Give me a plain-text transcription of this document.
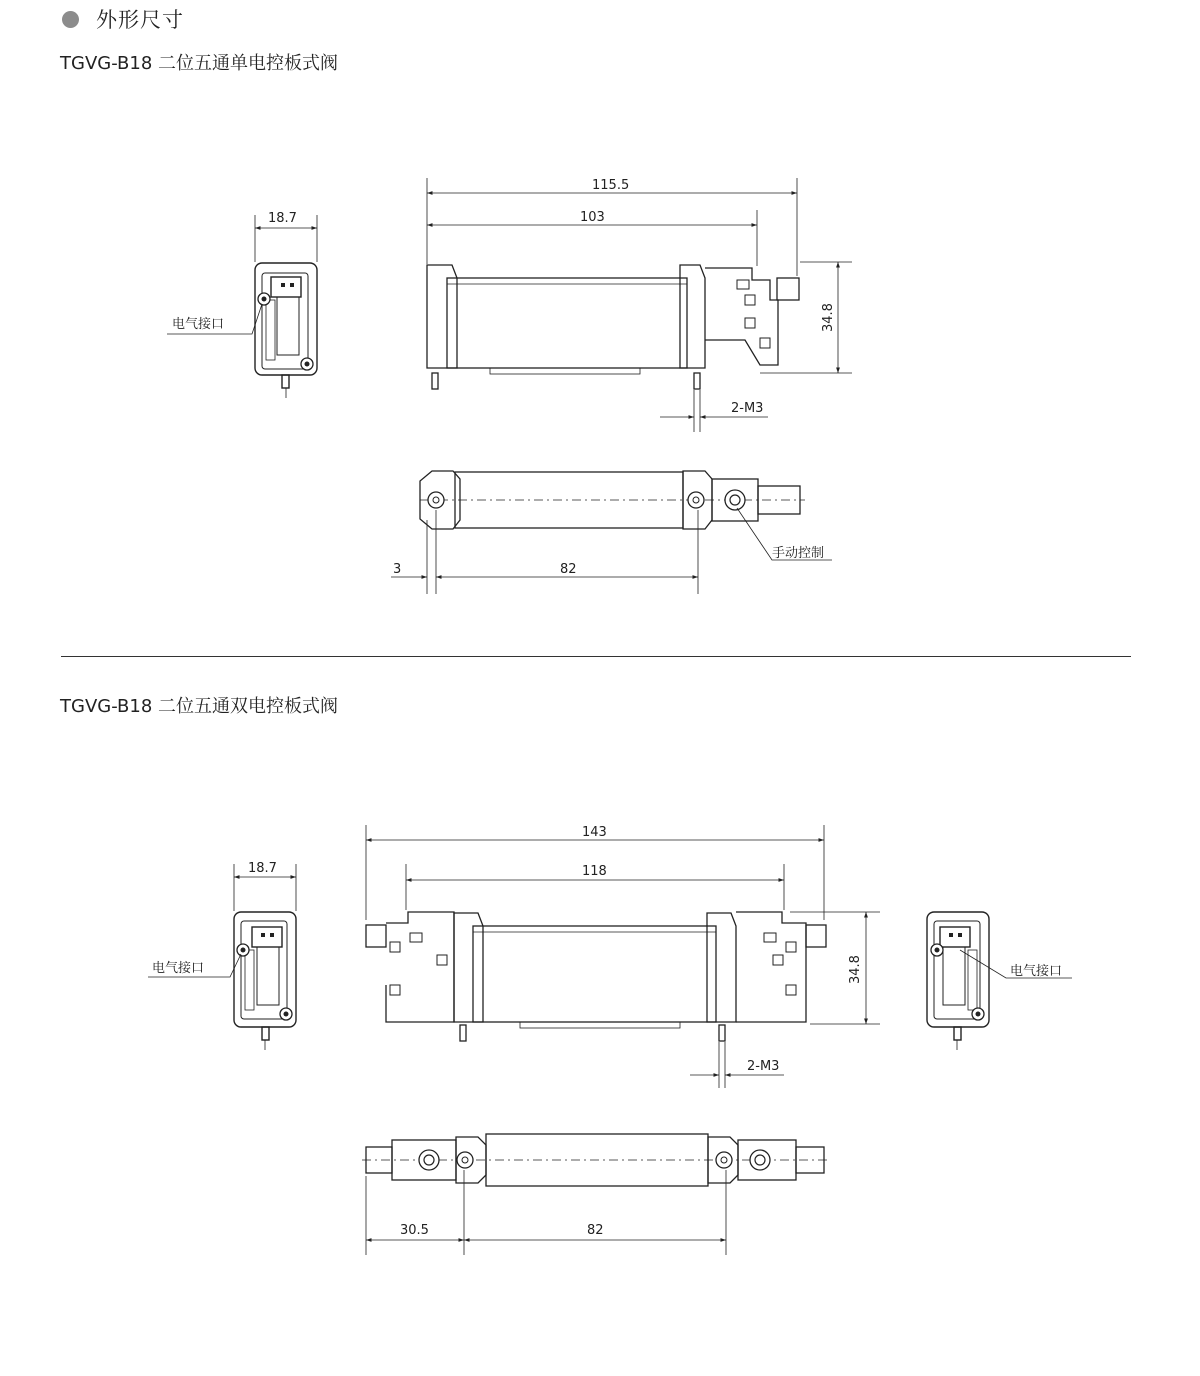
外形尺寸
TGVG-B18 二位五通单电控板式阀
TGVG-B18 二位五通双电控板式阀
18.7
电气接口
115.5
103
34.8
2-M3
3	82
手动控制
18.7
电气接口
143
118
34.8
2-M3
电气接口
30.5	82
